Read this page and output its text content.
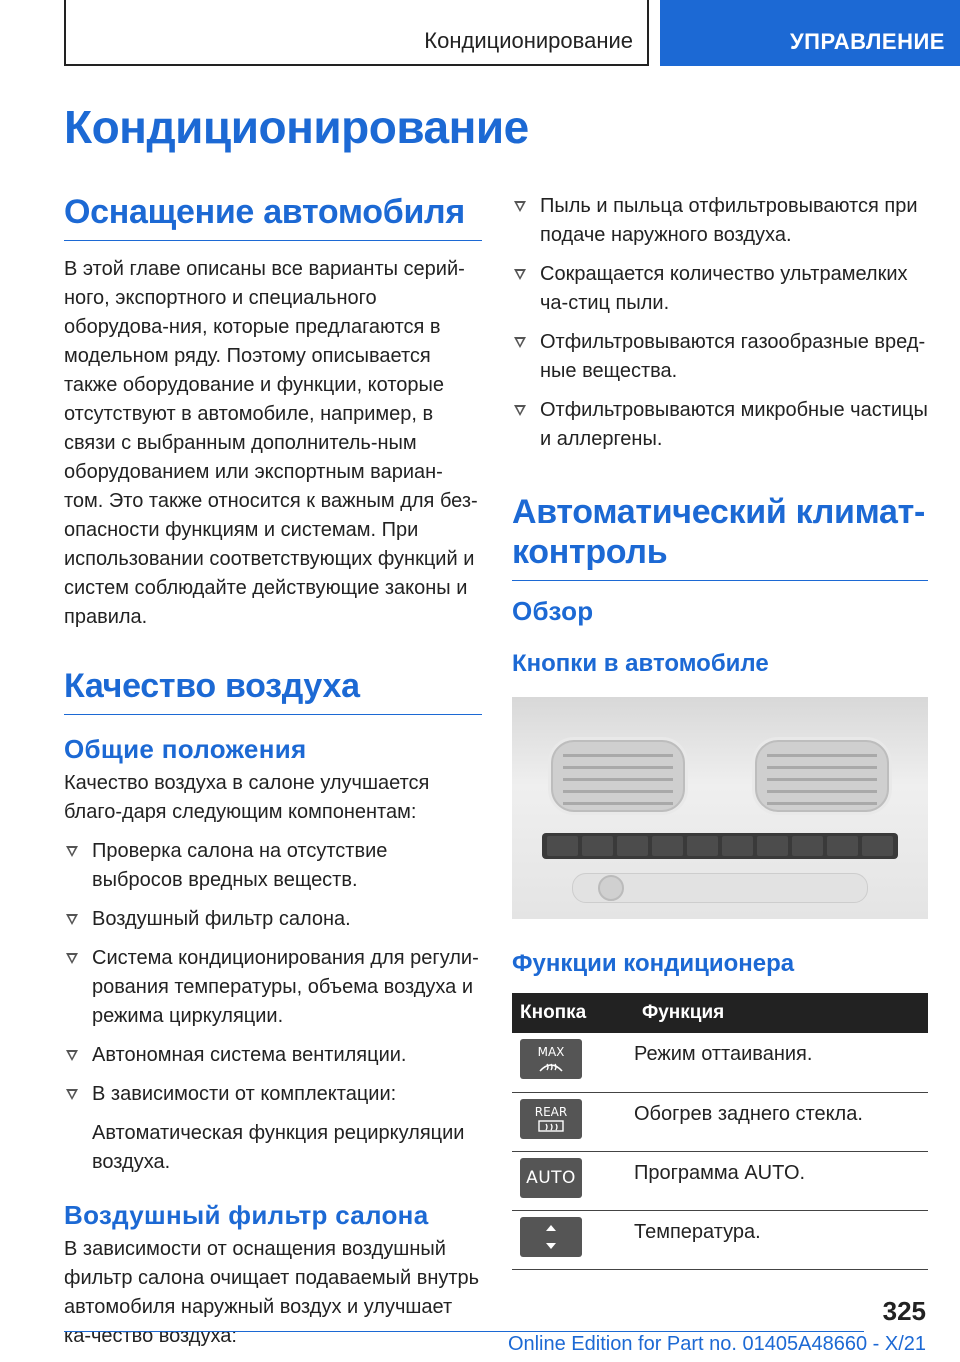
Кондиционирование	УПРАВЛЕНИЕ
Кондиционирование
Оснащение автомобиля
В этой главе описаны все варианты серий-ного, экспортного и специального оборудова-ния, которые предлагаются в модельном ряду. Поэтому описывается также оборудование и функции, которые отсутствуют в автомобиле, например, в связи с выбранным дополнитель-ным оборудованием или экспортным вариан-том. Это также относится к важным для без-опасности функциям и системам. При использовании соответствующих функций и систем соблюдайте действующие законы и правила.
Качество воздуха
Общие положения
Качество воздуха в салоне улучшается благо-даря следующим компонентам:
Проверка салона на отсутствие выбросов вредных веществ.
Воздушный фильтр салона.
Система кондиционирования для регули-рования температуры, объема воздуха и режима циркуляции.
Автономная система вентиляции.
В зависимости от комплектации:
Автоматическая функция рециркуляции воздуха.
Воздушный фильтр салона
В зависимости от оснащения воздушный фильтр салона очищает подаваемый внутрь автомобиля наружный воздух и улучшает ка-чество воздуха:
Пыль и пыльца отфильтровываются при подаче наружного воздуха.
Сокращается количество ультрамелких ча-стиц пыли.
Отфильтровываются газообразные вред-ные вещества.
Отфильтровываются микробные частицы и аллергены.
Автоматический климат-контроль
Обзор
Кнопки в автомобиле
Функции кондиционера
Кнопка	Функция

MAX	Режим оттаивания.

REAR	Обогрев заднего стекла.

AUTO	Программа AUTO.

	Температура.
325
Online Edition for Part no. 01405A48660 - X/21
